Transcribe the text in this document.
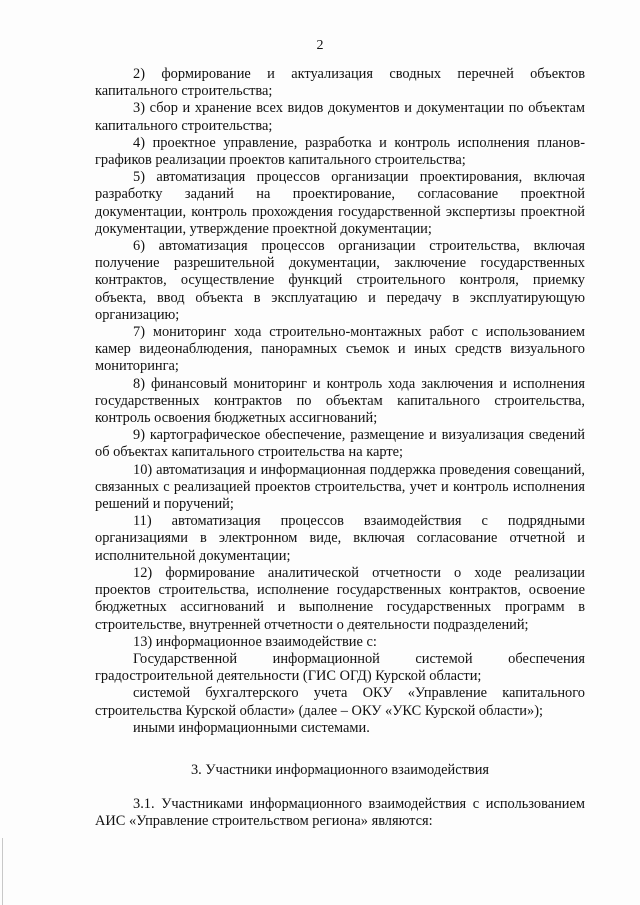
2

2) формирование и актуализация сводных перечней объектов капитального строительства;

3) сбор и хранение всех видов документов и документации по объектам капитального строительства;

4) проектное управление, разработка и контроль исполнения планов-графиков реализации проектов капитального строительства;

5) автоматизация процессов организации проектирования, включая разработку заданий на проектирование, согласование проектной документации, контроль прохождения государственной экспертизы проектной документации, утверждение проектной документации;

6) автоматизация процессов организации строительства, включая получение разрешительной документации, заключение государственных контрактов, осуществление функций строительного контроля, приемку объекта, ввод объекта в эксплуатацию и передачу в эксплуатирующую организацию;

7) мониторинг хода строительно-монтажных работ с использованием камер видеонаблюдения, панорамных съемок и иных средств визуального мониторинга;

8) финансовый мониторинг и контроль хода заключения и исполнения государственных контрактов по объектам капитального строительства, контроль освоения бюджетных ассигнований;

9) картографическое обеспечение, размещение и визуализация сведений об объектах капитального строительства на карте;

10) автоматизация и информационная поддержка проведения совещаний, связанных с реализацией проектов строительства, учет и контроль исполнения решений и поручений;

11) автоматизация процессов взаимодействия с подрядными организациями в электронном виде, включая согласование отчетной и исполнительной документации;

12) формирование аналитической отчетности о ходе реализации проектов строительства, исполнение государственных контрактов, освоение бюджетных ассигнований и выполнение государственных программ в строительстве, внутренней отчетности о деятельности подразделений;

13) информационное взаимодействие с:

Государственной информационной системой обеспечения градостроительной деятельности (ГИС ОГД) Курской области;

системой бухгалтерского учета ОКУ «Управление капитального строительства Курской области» (далее – ОКУ «УКС Курской области»);

иными информационными системами.

3. Участники информационного взаимодействия

3.1. Участниками информационного взаимодействия с использованием АИС «Управление строительством региона» являются:
